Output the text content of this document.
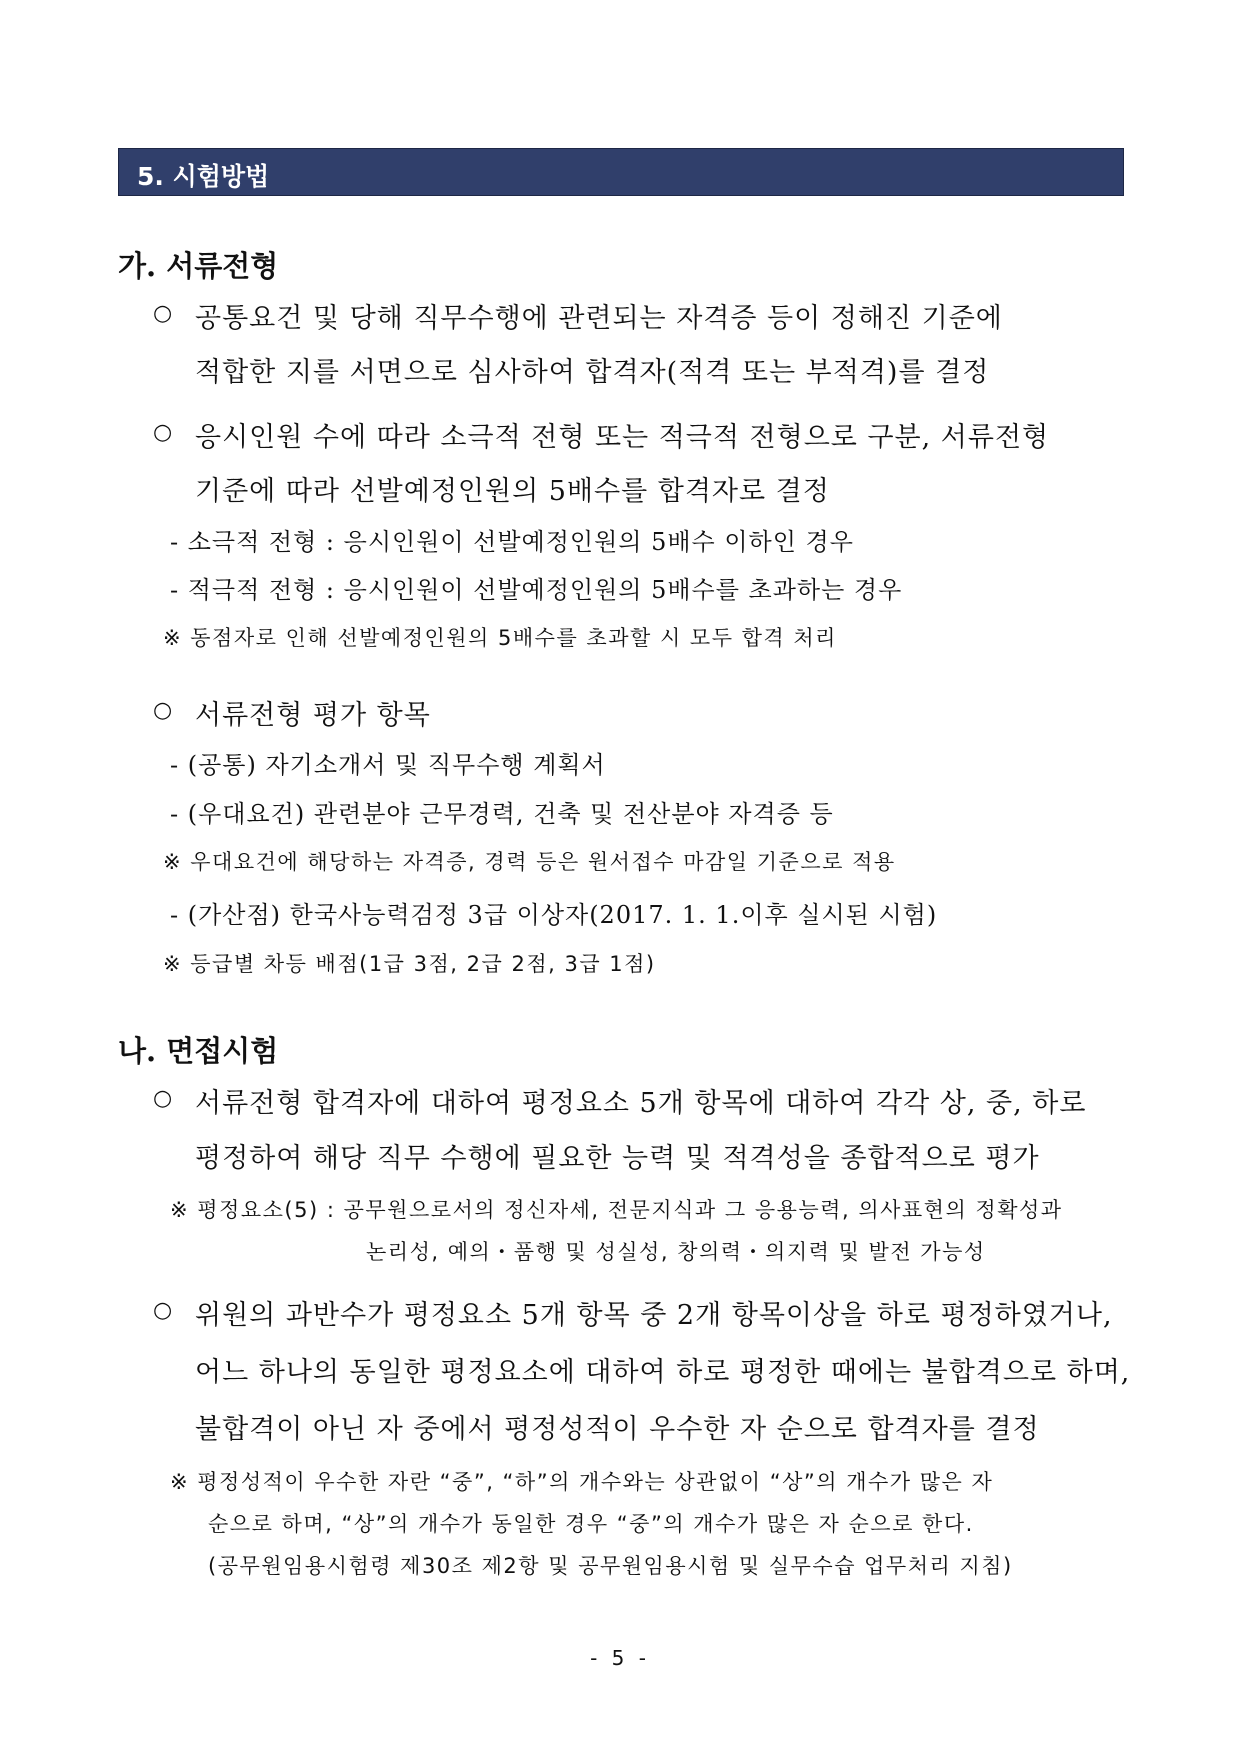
5. 시험방법
가. 서류전형
○ 공통요건 및 당해 직무수행에 관련되는 자격증 등이 정해진 기준에
적합한 지를 서면으로 심사하여 합격자(적격 또는 부적격)를 결정
○ 응시인원 수에 따라 소극적 전형 또는 적극적 전형으로 구분, 서류전형
기준에 따라 선발예정인원의 5배수를 합격자로 결정
- 소극적 전형 : 응시인원이 선발예정인원의 5배수 이하인 경우
- 적극적 전형 : 응시인원이 선발예정인원의 5배수를 초과하는 경우
※ 동점자로 인해 선발예정인원의 5배수를 초과할 시 모두 합격 처리
○ 서류전형 평가 항목
- (공통) 자기소개서 및 직무수행 계획서
- (우대요건) 관련분야 근무경력, 건축 및 전산분야 자격증 등
※ 우대요건에 해당하는 자격증, 경력 등은 원서접수 마감일 기준으로 적용
- (가산점) 한국사능력검정 3급 이상자(2017. 1. 1.이후 실시된 시험)
※ 등급별 차등 배점(1급 3점, 2급 2점, 3급 1점)
나. 면접시험
○ 서류전형 합격자에 대하여 평정요소 5개 항목에 대하여 각각 상, 중, 하로
평정하여 해당 직무 수행에 필요한 능력 및 적격성을 종합적으로 평가
※ 평정요소(5) : 공무원으로서의 정신자세, 전문지식과 그 응용능력, 의사표현의 정확성과
논리성, 예의・품행 및 성실성, 창의력・의지력 및 발전 가능성
○ 위원의 과반수가 평정요소 5개 항목 중 2개 항목이상을 하로 평정하였거나,
어느 하나의 동일한 평정요소에 대하여 하로 평정한 때에는 불합격으로 하며,
불합격이 아닌 자 중에서 평정성적이 우수한 자 순으로 합격자를 결정
※ 평정성적이 우수한 자란 “중”, “하”의 개수와는 상관없이 “상”의 개수가 많은 자
순으로 하며, “상”의 개수가 동일한 경우 “중”의 개수가 많은 자 순으로 한다.
(공무원임용시험령 제30조 제2항 및 공무원임용시험 및 실무수습 업무처리 지침)
- 5 -
